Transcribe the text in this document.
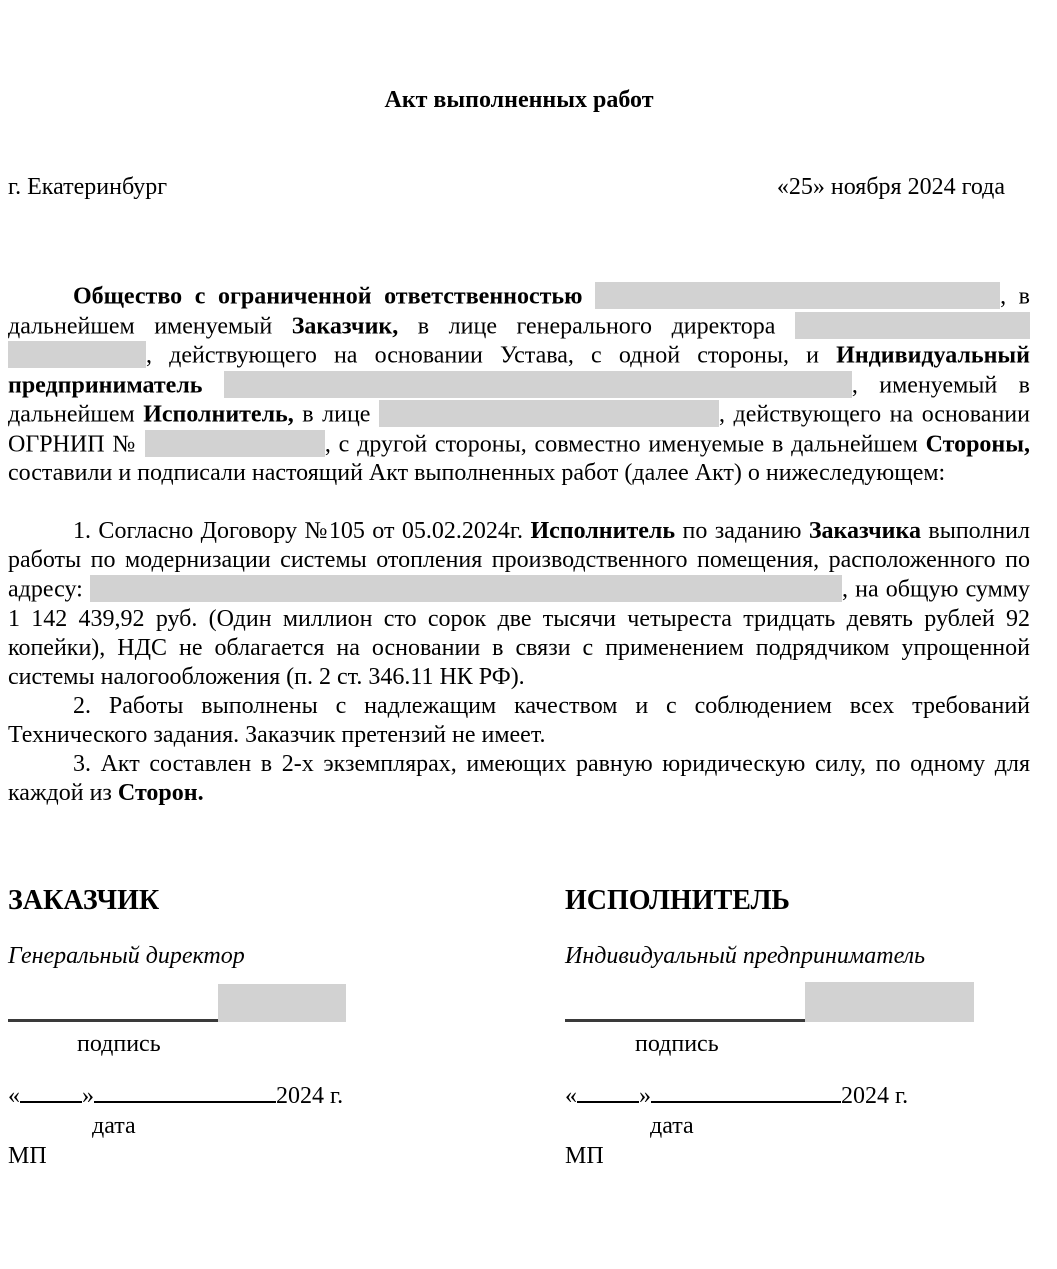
Акт выполненных работ
г. Екатеринбург	«25» ноября 2024 года

Общество с ограниченной ответственностью	, в дальнейшем именуемый Заказчик, в лице генерального директора  , действующего на основании Устава, с одной стороны, и Индивидуальный предприниматель	, именуемый в дальнейшем Исполнитель, в лице	, действующего на основании ОГРНИП №	, с другой стороны, совместно именуемые в дальнейшем Стороны, составили и подписали настоящий Акт выполненных работ (далее Акт) о нижеследующем:

1. Согласно Договору №105 от 05.02.2024г. Исполнитель по заданию Заказчика выполнил работы по модернизации системы отопления производственного помещения, расположенного по адресу:	, на общую сумму 1 142 439,92 руб. (Один миллион сто сорок две тысячи четыреста тридцать девять рублей 92 копейки), НДС не облагается на основании в связи с применением подрядчиком упрощенной системы налогообложения (п. 2 ст. 346.11 НК РФ).

2. Работы выполнены с надлежащим качеством и с соблюдением всех требований Технического задания. Заказчик претензий не имеет.

3. Акт составлен в 2-х экземплярах, имеющих равную юридическую силу, по одному для каждой из Сторон.

ЗАКАЗЧИК
Генеральный директор
подпись
«	»	2024 г.
дата
МП
ИСПОЛНИТЕЛЬ
Индивидуальный предприниматель
подпись
«	»	2024 г.
дата
МП
